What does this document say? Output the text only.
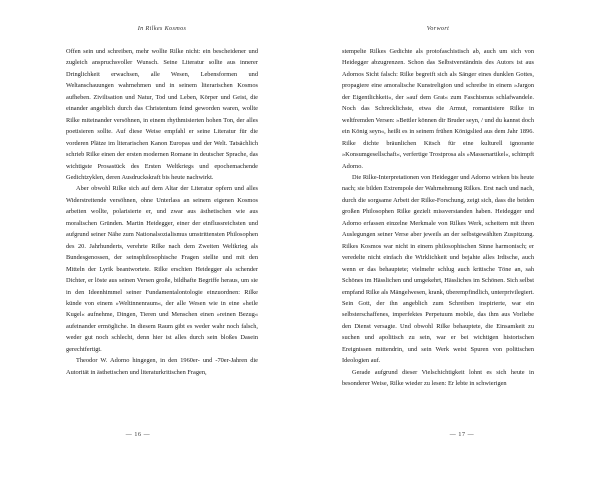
In Rilkes Kosmos

Offen sein und schreiben, mehr wollte Rilke nicht: ein bescheidener und zugleich anspruchsvoller Wunsch. Seine Literatur sollte aus innerer Dringlichkeit erwachsen, alle Wesen, Lebensformen und Weltanschauungen wahrnehmen und in seinem literarischen Kosmos aufheben. Zivilisation und Natur, Tod und Leben, Körper und Geist, die einander angeblich durch das Christentum feind geworden waren, wollte Rilke miteinander versöhnen, in einem rhythmisierten hohen Ton, der alles poetisieren sollte. Auf diese Weise empfahl er seine Literatur für die vorderen Plätze im literarischen Kanon Europas und der Welt. Tatsächlich schrieb Rilke einen der ersten modernen Romane in deutscher Sprache, das wichtigste Prosastück des Ersten Weltkriegs und epochemachende Gedichtzyklen, deren Ausdruckskraft bis heute nachwirkt.

Aber obwohl Rilke sich auf dem Altar der Literatur opfern und alles Widerstreitende versöhnen, ohne Unterlass an seinem eigenen Kosmos arbeiten wollte, polarisierte er, und zwar aus ästhetischen wie aus moralischen Gründen. Martin Heidegger, einer der einflussreichsten und aufgrund seiner Nähe zum Nationalsozialismus umstrittensten Philosophen des 20. Jahrhunderts, verehrte Rilke nach dem Zweiten Weltkrieg als Bundesgenossen, der seinsphilosophische Fragen stellte und mit den Mitteln der Lyrik beantwortete. Rilke erschien Heidegger als schender Dichter, er löste aus seinen Versen große, bildhafte Begriffe heraus, um sie in den Ideenhimmel seiner Fundamentalontologie einzuordnen: Rilke künde von einem »Weltinnenraum«, der alle Wesen wie in eine »heile Kugel« aufnehme, Dingen, Tieren und Menschen einen »reinen Bezug« aufeinander ermögliche. In diesem Raum gibt es weder wahr noch falsch, weder gut noch schlecht, denn hier ist alles durch sein bloßes Dasein gerechtfertigt.

Theodor W. Adorno hingegen, in den 1960er- und -70er-Jahren die Autorität in ästhetischen und literaturkritischen Fragen,

— 16 —
Vorwort

stempelte Rilkes Gedichte als protofaschistisch ab, auch um sich von Heidegger abzugrenzen. Schon das Selbstverständnis des Autors ist aus Adornos Sicht falsch: Rilke begreift sich als Sänger eines dunklen Gottes, propagiere eine amoralische Kunstreligion und schreibe in einem »Jargon der Eigentlichkeit«, der »auf dem Grat« zum Faschismus schlafwandele. Noch das Schrecklichste, etwa die Armut, romantisiere Rilke in weltfremden Versen: »Bettler können dir Bruder seyn, / und du kannst doch ein König seyn«, heißt es in seinem frühen Königslied aus dem Jahr 1896. Rilke dichte bräunlichen Kitsch für eine kulturell ignorante »Konsumgesellschaft«, verfertige Trostprosa als »Massenartikel«, schimpft Adorno.

Die Rilke-Interpretationen von Heidegger und Adorno wirken bis heute nach; sie bilden Extrempole der Wahrnehmung Rilkes. Erst nach und nach, durch die sorgsame Arbeit der Rilke-Forschung, zeigt sich, dass die beiden großen Philosophen Rilke gezielt missverstanden haben. Heidegger und Adorno erfassen einzelne Merkmale von Rilkes Werk, scheitern mit ihren Auslegungen seiner Verse aber jeweils an der selbstgewählten Zuspitzung. Rilkes Kosmos war nicht in einem philosophischen Sinne harmonisch; er veredelte nicht einfach die Wirklichkeit und bejahte alles Irdische, auch wenn er das behauptete; vielmehr schlug auch kritische Töne an, sah Schönes im Hässlichen und umgekehrt, Hässliches im Schönen. Sich selbst empfand Rilke als Mängelwesen, krank, überempfindlich, unterprivilegiert. Sein Gott, der ihn angeblich zum Schreiben inspirierte, war ein selbsterschaffenes, imperfektes Perpetuum mobile, das ihm aus Vorliebe den Dienst versagte. Und obwohl Rilke behauptete, die Einsamkeit zu suchen und apolitisch zu sein, war er bei wichtigen historischen Ereignissen mittendrin, und sein Werk weist Spuren von politischen Ideologien auf.

Gerade aufgrund dieser Vielschichtigkeit lohnt es sich heute in besonderer Weise, Rilke wieder zu lesen: Er lebte in schwierigen

— 17 —
